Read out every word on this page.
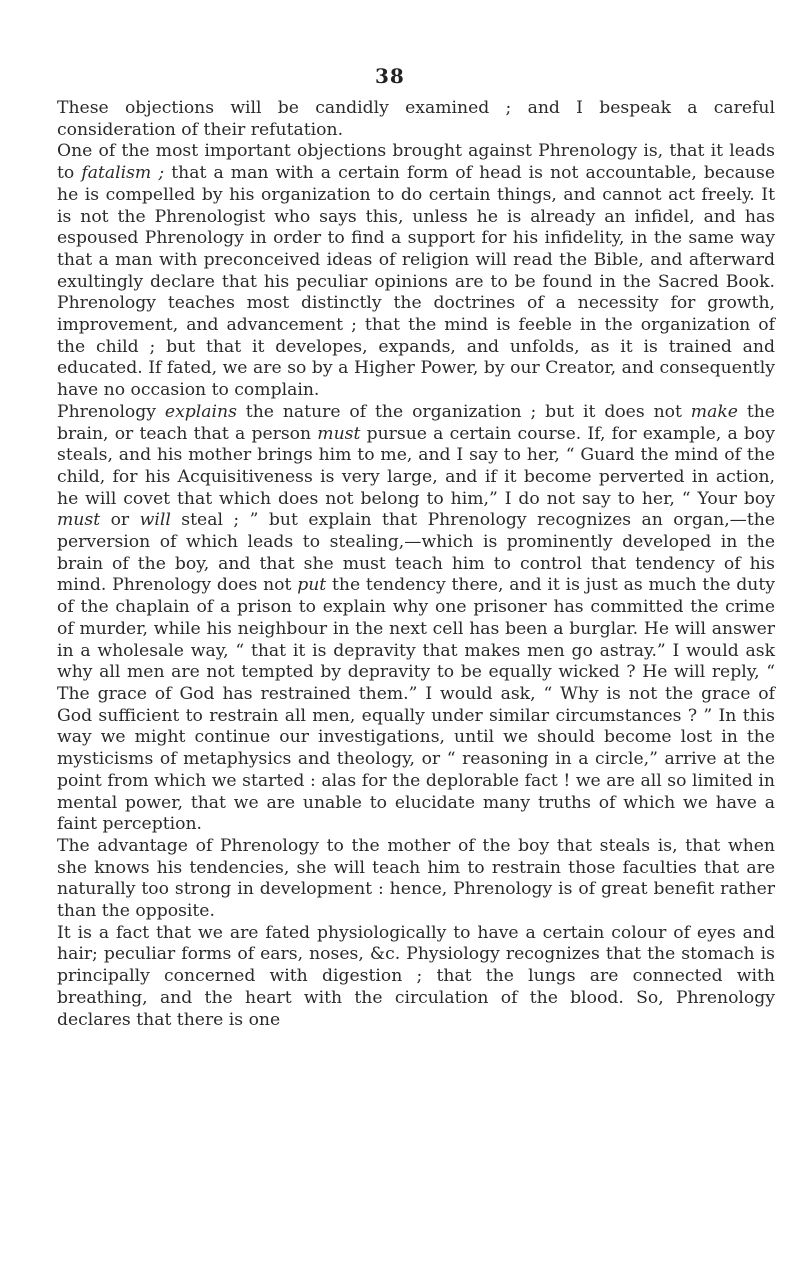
38

These objections will be candidly examined ; and I bespeak a careful consideration of their refutation.

One of the most important objections brought against Phrenology is, that it leads to fatalism ; that a man with a certain form of head is not accountable, because he is compelled by his organization to do certain things, and cannot act freely. It is not the Phrenologist who says this, unless he is already an infidel, and has espoused Phrenology in order to find a support for his infidelity, in the same way that a man with preconceived ideas of religion will read the Bible, and afterward exultingly declare that his peculiar opinions are to be found in the Sacred Book. Phrenology teaches most distinctly the doctrines of a necessity for growth, improvement, and advancement ; that the mind is feeble in the organization of the child ; but that it developes, expands, and unfolds, as it is trained and educated. If fated, we are so by a Higher Power, by our Creator, and consequently have no occasion to complain.

Phrenology explains the nature of the organization ; but it does not make the brain, or teach that a person must pursue a certain course. If, for example, a boy steals, and his mother brings him to me, and I say to her, “ Guard the mind of the child, for his Acquisitiveness is very large, and if it become perverted in action, he will covet that which does not belong to him,” I do not say to her, “ Your boy must or will steal ; ” but explain that Phrenology recognizes an organ,—the perversion of which leads to stealing,—which is prominently developed in the brain of the boy, and that she must teach him to control that tendency of his mind. Phrenology does not put the tendency there, and it is just as much the duty of the chaplain of a prison to explain why one prisoner has committed the crime of murder, while his neighbour in the next cell has been a burglar. He will answer in a wholesale way, “ that it is depravity that makes men go astray.” I would ask why all men are not tempted by depravity to be equally wicked ? He will reply, “ The grace of God has restrained them.” I would ask, “ Why is not the grace of God sufficient to restrain all men, equally under similar circumstances ? ” In this way we might continue our investigations, until we should become lost in the mysticisms of metaphysics and theology, or “ reasoning in a circle,” arrive at the point from which we started : alas for the deplorable fact ! we are all so limited in mental power, that we are unable to elucidate many truths of which we have a faint perception.

The advantage of Phrenology to the mother of the boy that steals is, that when she knows his tendencies, she will teach him to restrain those faculties that are naturally too strong in development : hence, Phrenology is of great benefit rather than the opposite.

It is a fact that we are fated physiologically to have a certain colour of eyes and hair; peculiar forms of ears, noses, &c. Physiology recognizes that the stomach is principally concerned with digestion ; that the lungs are connected with breathing, and the heart with the circulation of the blood. So, Phrenology declares that there is one
